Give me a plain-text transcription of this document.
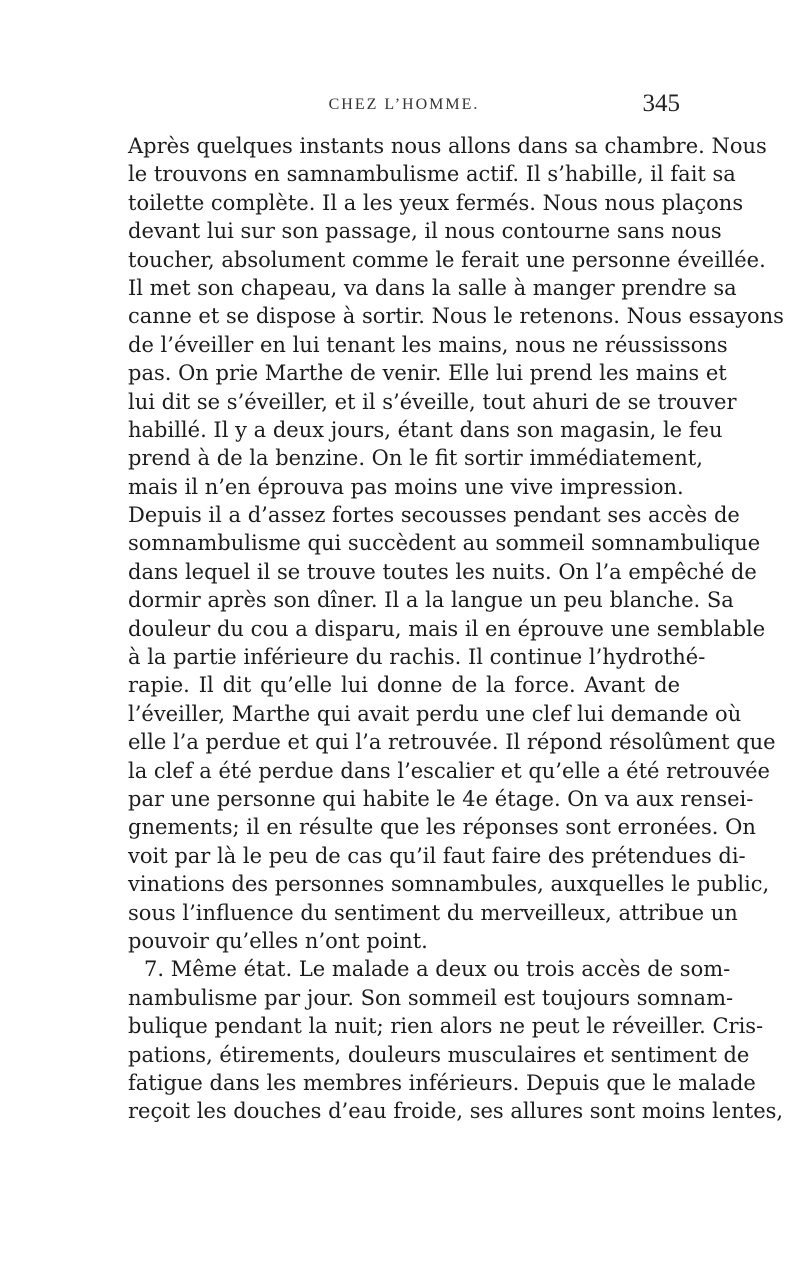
CHEZ L’HOMME.	345
Après quelques instants nous allons dans sa chambre. Nous
le trouvons en samnambulisme actif. Il s’habille, il fait sa
toilette complète. Il a les yeux fermés. Nous nous plaçons
devant lui sur son passage, il nous contourne sans nous
toucher, absolument comme le ferait une personne éveillée.
Il met son chapeau, va dans la salle à manger prendre sa
canne et se dispose à sortir. Nous le retenons. Nous essayons
de l’éveiller en lui tenant les mains, nous ne réussissons
pas. On prie Marthe de venir. Elle lui prend les mains et
lui dit se s’éveiller, et il s’éveille, tout ahuri de se trouver
habillé. Il y a deux jours, étant dans son magasin, le feu
prend à de la benzine. On le fit sortir immédiatement,
mais il n’en éprouva pas moins une vive impression.
Depuis il a d’assez fortes secousses pendant ses accès de
somnambulisme qui succèdent au sommeil somnambulique
dans lequel il se trouve toutes les nuits. On l’a empêché de
dormir après son dîner. Il a la langue un peu blanche. Sa
douleur du cou a disparu, mais il en éprouve une semblable
à la partie inférieure du rachis. Il continue l’hydrothé-
rapie. Il dit qu’elle lui donne de la force. Avant de
l’éveiller, Marthe qui avait perdu une clef lui demande où
elle l’a perdue et qui l’a retrouvée. Il répond résolûment que
la clef a été perdue dans l’escalier et qu’elle a été retrouvée
par une personne qui habite le 4e étage. On va aux rensei-
gnements; il en résulte que les réponses sont erronées. On
voit par là le peu de cas qu’il faut faire des prétendues di-
vinations des personnes somnambules, auxquelles le public,
sous l’influence du sentiment du merveilleux, attribue un
pouvoir qu’elles n’ont point.
7. Même état. Le malade a deux ou trois accès de som-
nambulisme par jour. Son sommeil est toujours somnam-
bulique pendant la nuit; rien alors ne peut le réveiller. Cris-
pations, étirements, douleurs musculaires et sentiment de
fatigue dans les membres inférieurs. Depuis que le malade
reçoit les douches d’eau froide, ses allures sont moins lentes,
